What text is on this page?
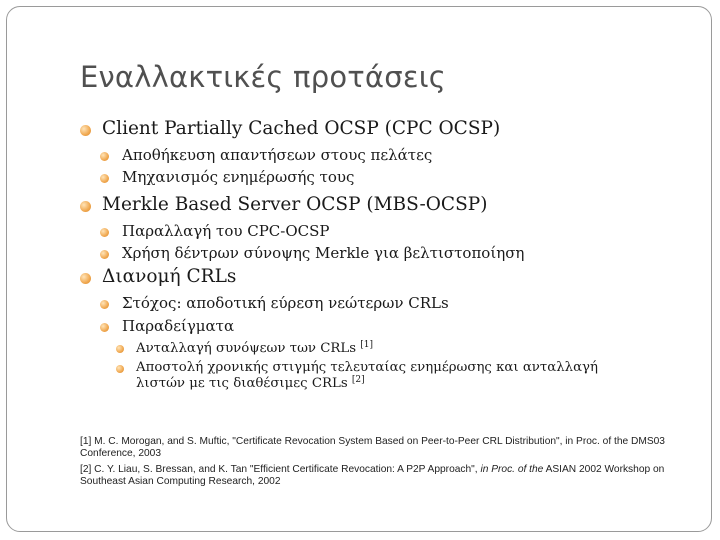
Εναλλακτικές προτάσεις
Client Partially Cached OCSP (CPC OCSP)
Αποθήκευση απαντήσεων στους πελάτες
Μηχανισμός ενημέρωσής τους
Merkle Based Server OCSP (MBS-OCSP)
Παραλλαγή του CPC-OCSP
Χρήση δέντρων σύνοψης Merkle για βελτιστοποίηση
Διανομή CRLs
Στόχος: αποδοτική εύρεση νεώτερων CRLs
Παραδείγματα
Ανταλλαγή συνόψεων των CRLs [1]
Αποστολή χρονικής στιγμής τελευταίας ενημέρωσης και ανταλλαγή
λιστών με τις διαθέσιμες CRLs [2]

[1] M. C. Morogan, and S. Muftic, "Certificate Revocation System Based on Peer-to-Peer CRL Distribution", in Proc. of the DMS03 Conference, 2003

[2] C. Y. Liau, S. Bressan, and K. Tan "Efficient Certificate Revocation: A P2P Approach", in Proc. of the ASIAN 2002 Workshop on Southeast Asian Computing Research, 2002
